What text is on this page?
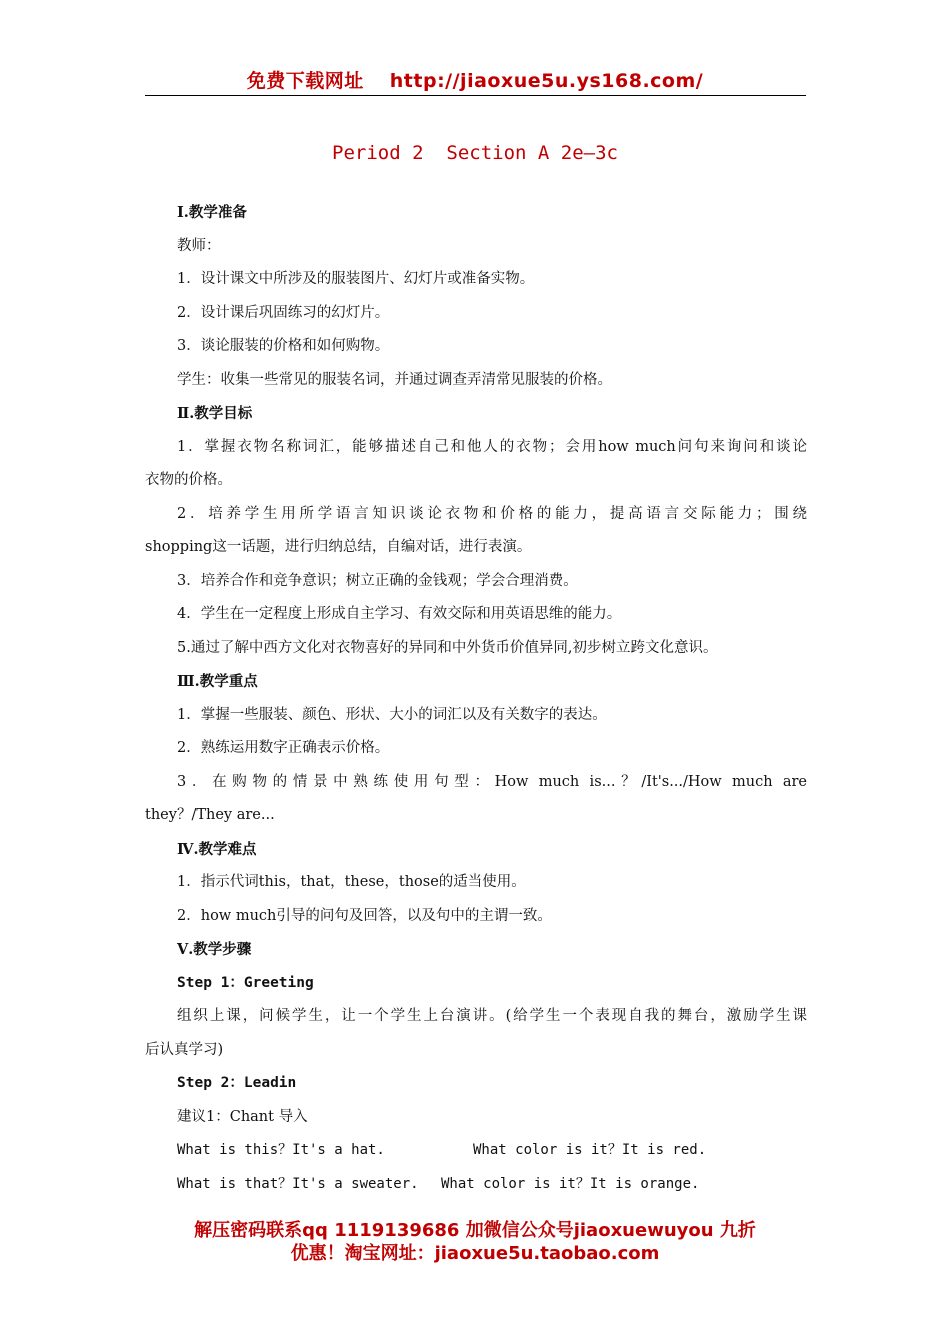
免费下载网址 http://jiaoxue5u.ys168.com/
Period 2  Section A 2e—3c
Ⅰ.教学准备
教师：
1．设计课文中所涉及的服装图片、幻灯片或准备实物。
2．设计课后巩固练习的幻灯片。
3．谈论服装的价格和如何购物。
学生：收集一些常见的服装名词，并通过调查弄清常见服装的价格。
Ⅱ.教学目标
1．掌握衣物名称词汇，能够描述自己和他人的衣物；会用how much问句来询问和谈论
衣物的价格。
2．培养学生用所学语言知识谈论衣物和价格的能力，提高语言交际能力；围绕
shopping这一话题，进行归纳总结，自编对话，进行表演。
3．培养合作和竞争意识；树立正确的金钱观；学会合理消费。
4．学生在一定程度上形成自主学习、有效交际和用英语思维的能力。
5.通过了解中西方文化对衣物喜好的异同和中外货币价值异同,初步树立跨文化意识。
Ⅲ.教学重点
1．掌握一些服装、颜色、形状、大小的词汇以及有关数字的表达。
2．熟练运用数字正确表示价格。
3．在购物的情景中熟练使用句型：How much is...？/It's.../How much are
they？/They are...
Ⅳ.教学难点
1．指示代词this，that，these，those的适当使用。
2．how much引导的问句及回答，以及句中的主谓一致。
Ⅴ.教学步骤
Step 1：Greeting
组织上课，问候学生，让一个学生上台演讲。(给学生一个表现自我的舞台，激励学生课
后认真学习)
Step 2：Leadin
建议1：Chant 导入
What is this？It's a hat.	What color is it？It is red.
What is that？It's a sweater. What color is it？It is orange.
解压密码联系qq 1119139686 加微信公众号jiaoxuewuyou 九折
优惠！淘宝网址：jiaoxue5u.taobao.com
